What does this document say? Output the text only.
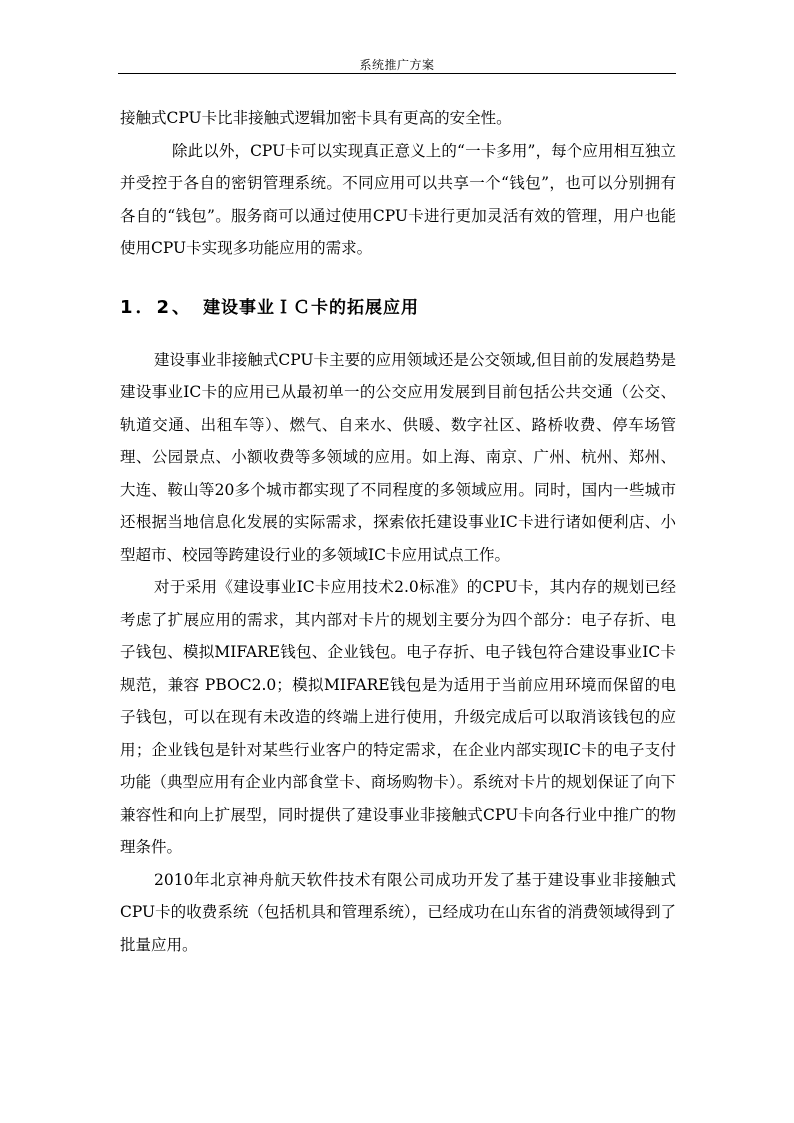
系统推广方案

接触式CPU卡比非接触式逻辑加密卡具有更高的安全性。

除此以外，CPU卡可以实现真正意义上的“一卡多用”，每个应用相互独立并受控于各自的密钥管理系统。不同应用可以共享一个“钱包”，也可以分别拥有各自的“钱包”。服务商可以通过使用CPU卡进行更加灵活有效的管理，用户也能使用CPU卡实现多功能应用的需求。

1．2、 建设事业ＩＣ卡的拓展应用

建设事业非接触式CPU卡主要的应用领域还是公交领域,但目前的发展趋势是建设事业IC卡的应用已从最初单一的公交应用发展到目前包括公共交通（公交、轨道交通、出租车等）、燃气、自来水、供暖、数字社区、路桥收费、停车场管理、公园景点、小额收费等多领域的应用。如上海、南京、广州、杭州、郑州、大连、鞍山等20多个城市都实现了不同程度的多领域应用。同时，国内一些城市还根据当地信息化发展的实际需求，探索依托建设事业IC卡进行诸如便利店、小型超市、校园等跨建设行业的多领域IC卡应用试点工作。

对于采用《建设事业IC卡应用技术2.0标准》的CPU卡，其内存的规划已经考虑了扩展应用的需求，其内部对卡片的规划主要分为四个部分：电子存折、电子钱包、模拟MIFARE钱包、企业钱包。电子存折、电子钱包符合建设事业IC卡规范，兼容 PBOC2.0；模拟MIFARE钱包是为适用于当前应用环境而保留的电子钱包，可以在现有未改造的终端上进行使用，升级完成后可以取消该钱包的应用；企业钱包是针对某些行业客户的特定需求，在企业内部实现IC卡的电子支付功能（典型应用有企业内部食堂卡、商场购物卡）。系统对卡片的规划保证了向下兼容性和向上扩展型，同时提供了建设事业非接触式CPU卡向各行业中推广的物理条件。

2010年北京神舟航天软件技术有限公司成功开发了基于建设事业非接触式CPU卡的收费系统（包括机具和管理系统），已经成功在山东省的消费领域得到了批量应用。
